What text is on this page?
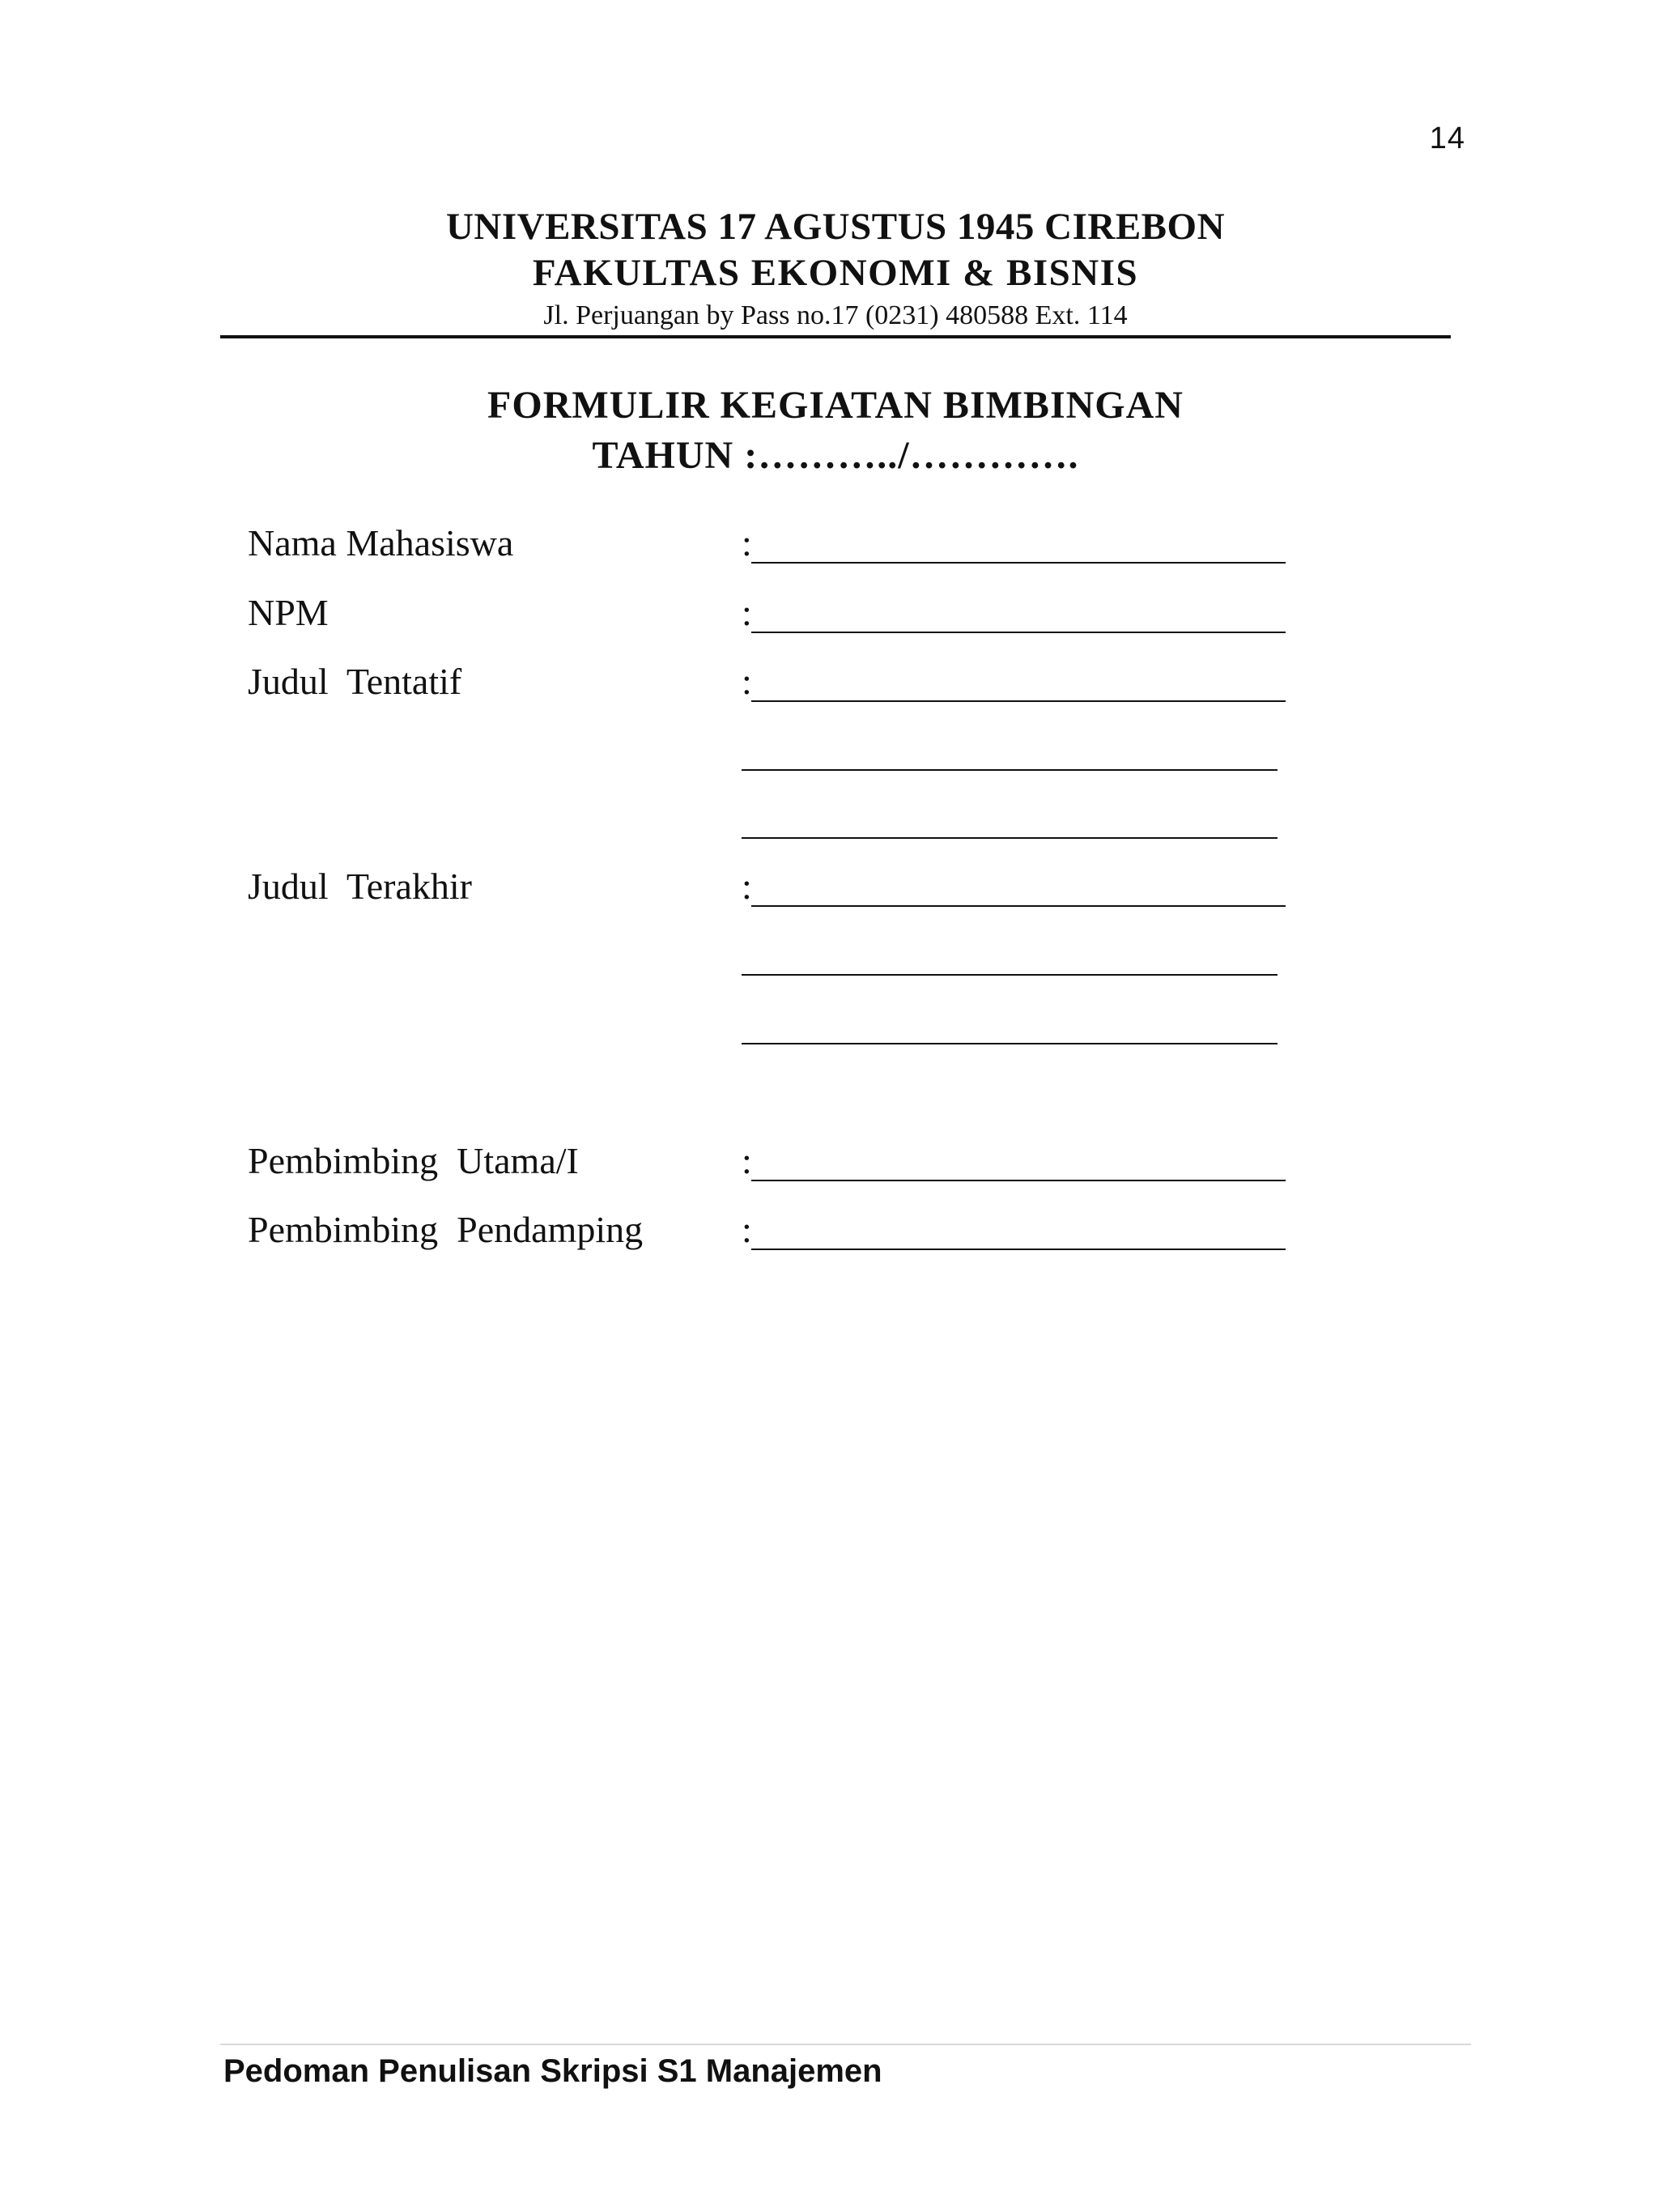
14
UNIVERSITAS 17 AGUSTUS 1945 CIREBON
FAKULTAS EKONOMI & BISNIS
Jl. Perjuangan by Pass no.17 (0231) 480588 Ext. 114
FORMULIR KEGIATAN BIMBINGAN
TAHUN :………../………….
Nama Mahasiswa	:
NPM	:
Judul  Tentatif	:
Judul  Terakhir	:
Pembimbing  Utama/I	:
Pembimbing  Pendamping	:
Pedoman Penulisan Skripsi S1 Manajemen
